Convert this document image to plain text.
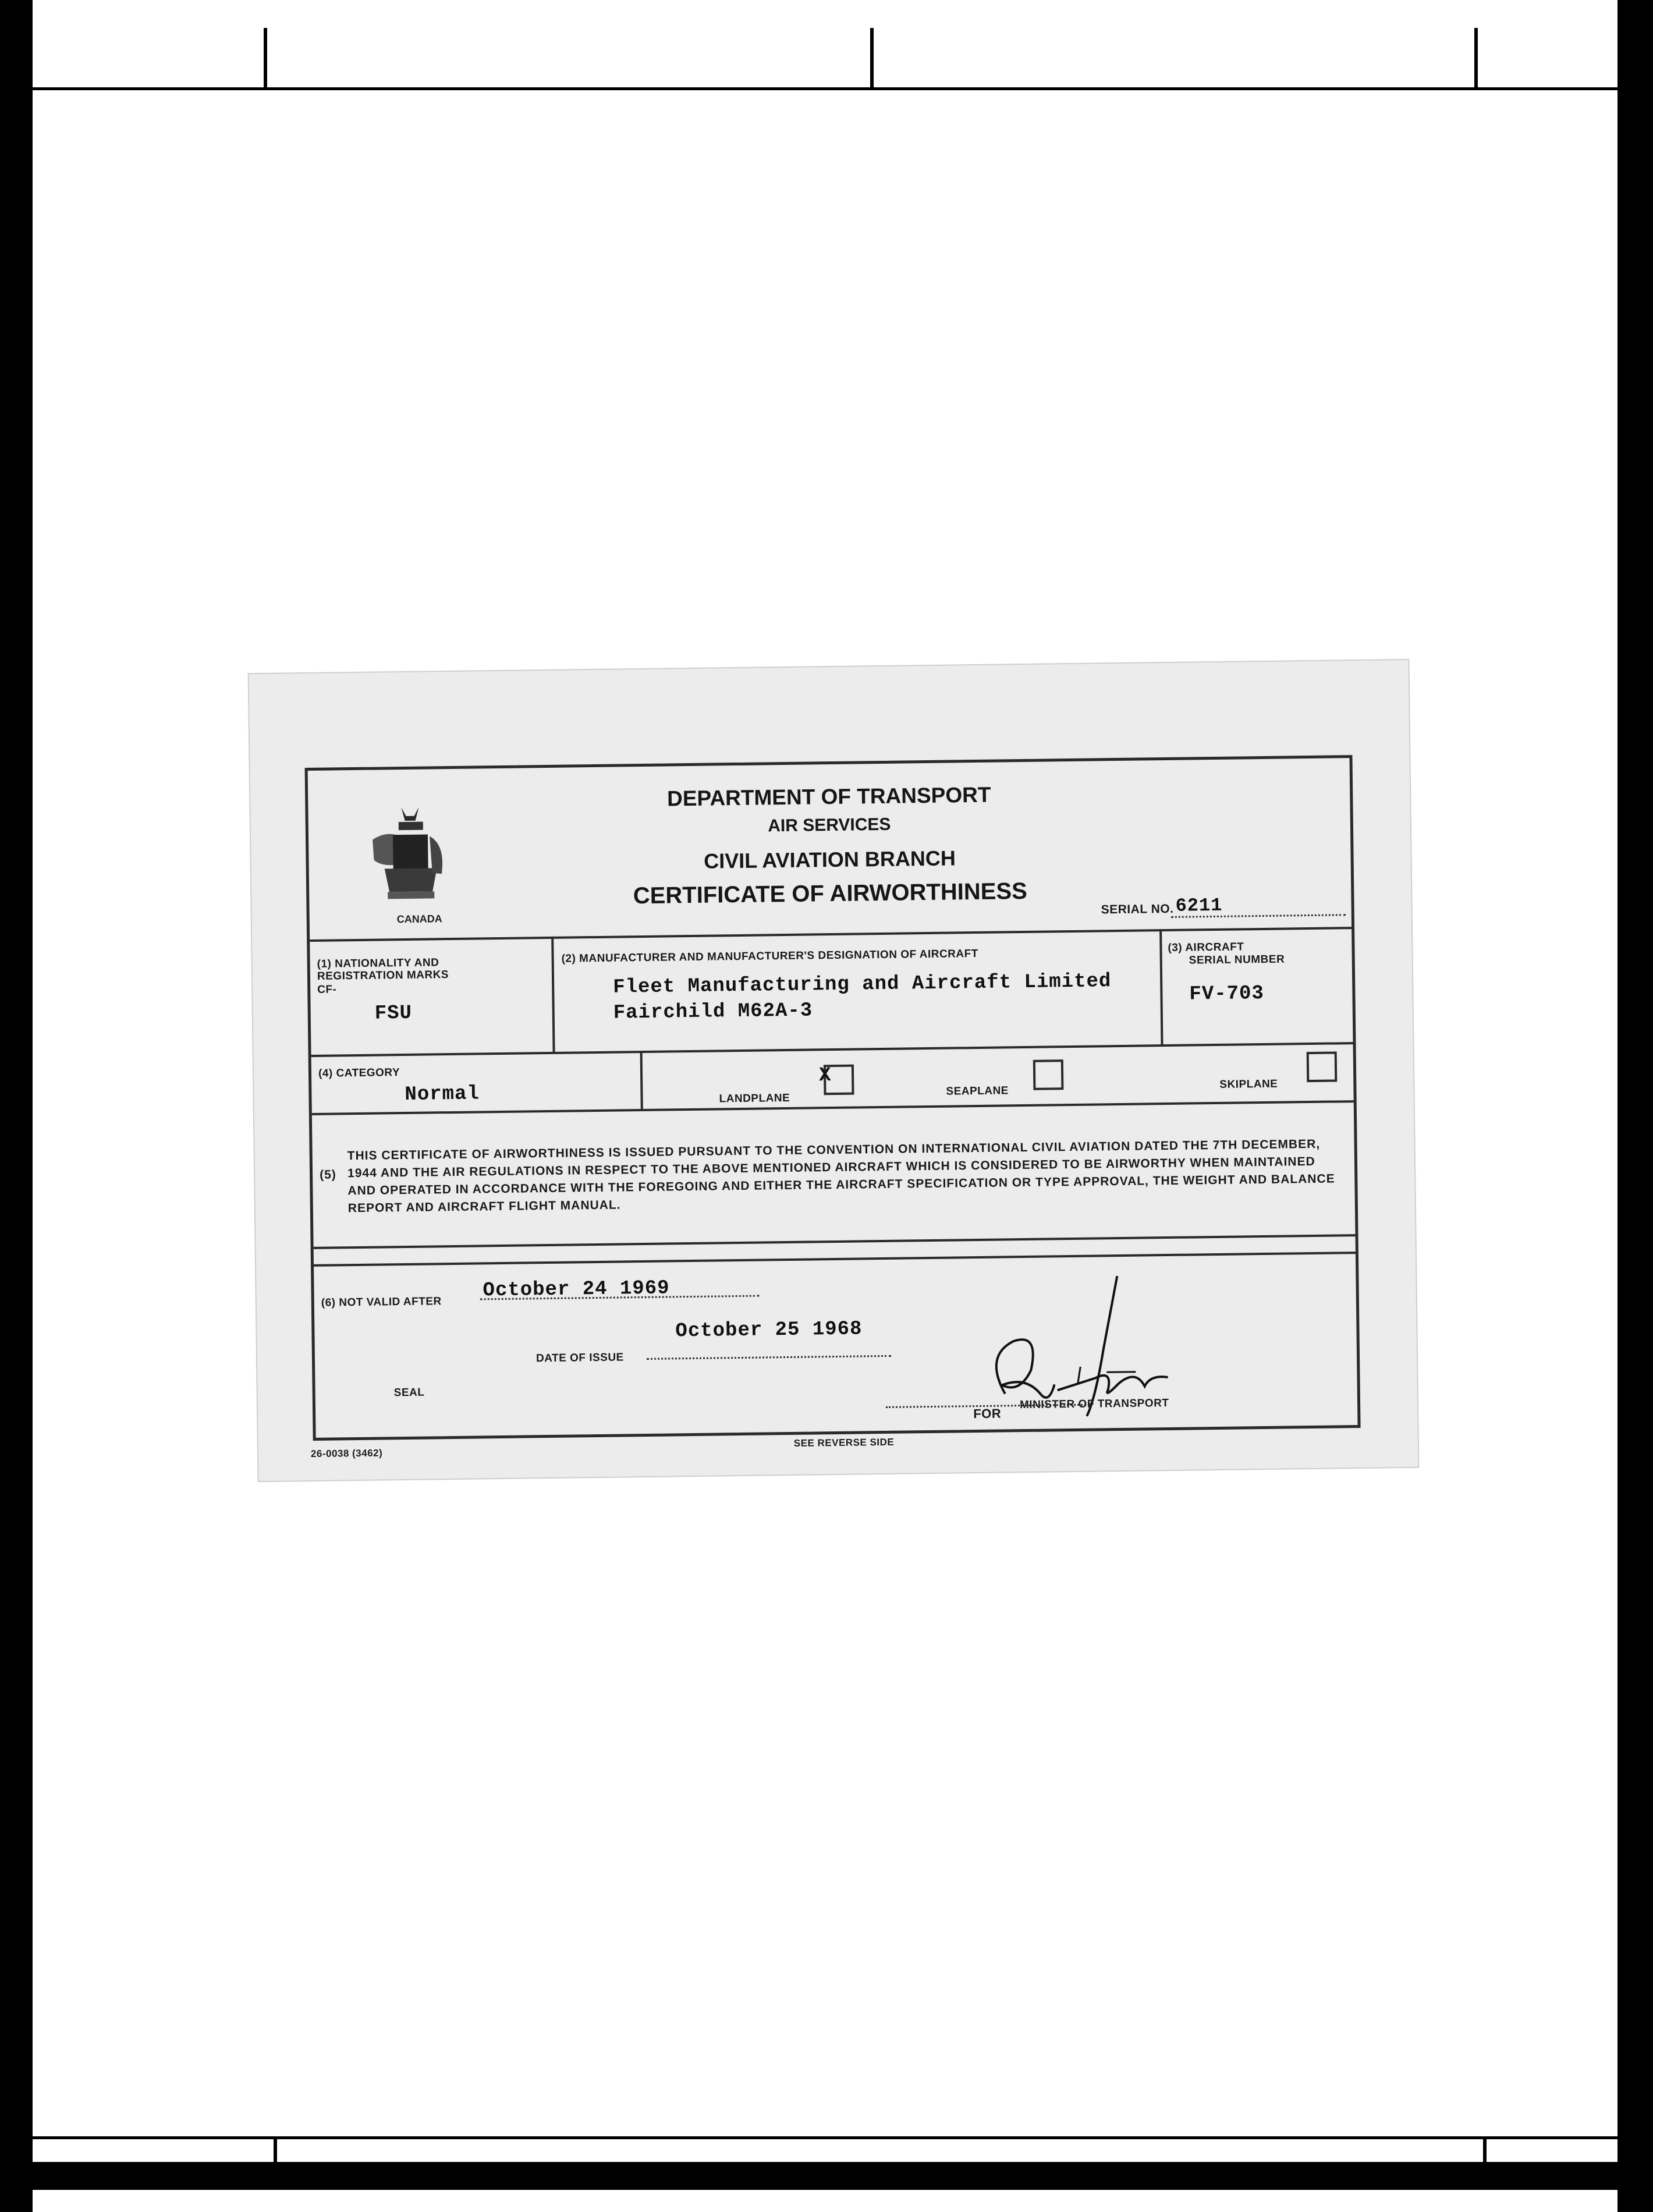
CANADA
DEPARTMENT OF TRANSPORT
AIR SERVICES
CIVIL AVIATION BRANCH
CERTIFICATE OF AIRWORTHINESS
SERIAL NO. 6211
(1) NATIONALITY AND REGISTRATION MARKS
CF-
FSU
(2) MANUFACTURER AND MANUFACTURER'S DESIGNATION OF AIRCRAFT
Fleet Manufacturing and Aircraft Limited
Fairchild M62A-3
(3) AIRCRAFT
SERIAL NUMBER
FV-703
(4) CATEGORY
Normal	LANDPLANE
X
SEAPLANE
SKIPLANE
(5)
THIS CERTIFICATE OF AIRWORTHINESS IS ISSUED PURSUANT TO THE CONVENTION ON INTERNATIONAL CIVIL AVIATION DATED THE 7TH DECEMBER, 1944 AND THE AIR REGULATIONS IN RESPECT TO THE ABOVE MENTIONED AIRCRAFT WHICH IS CONSIDERED TO BE AIRWORTHY WHEN MAINTAINED AND OPERATED IN ACCORDANCE WITH THE FOREGOING AND EITHER THE AIRCRAFT SPECIFICATION OR TYPE APPROVAL, THE WEIGHT AND BALANCE REPORT AND AIRCRAFT FLIGHT MANUAL.
(6) NOT VALID AFTER
October 24 1969
October 25 1968
DATE OF ISSUE
SEAL
FOR
MINISTER OF TRANSPORT
26-0038 (3462)
SEE REVERSE SIDE
